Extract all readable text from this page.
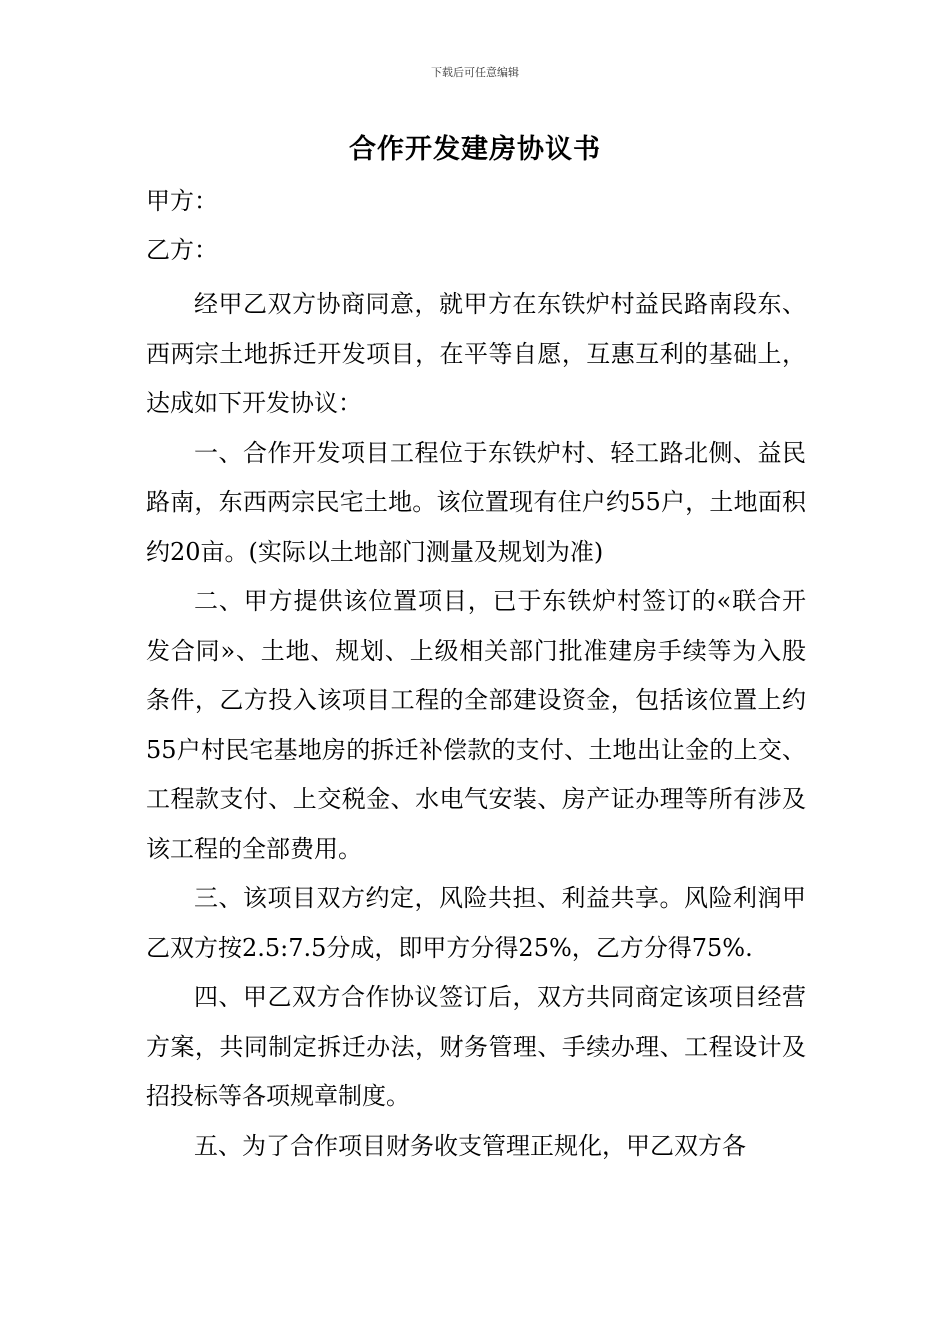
下载后可任意编辑
合作开发建房协议书
甲方：
乙方：

经甲乙双方协商同意，就甲方在东铁炉村益民路南段东、西两宗土地拆迁开发项目，在平等自愿，互惠互利的基础上，达成如下开发协议：

一、合作开发项目工程位于东铁炉村、轻工路北侧、益民路南，东西两宗民宅土地。该位置现有住户约55户，土地面积约20亩。(实际以土地部门测量及规划为准)

二、甲方提供该位置项目，已于东铁炉村签订的«联合开发合同»、土地、规划、上级相关部门批准建房手续等为入股条件，乙方投入该项目工程的全部建设资金，包括该位置上约55户村民宅基地房的拆迁补偿款的支付、土地出让金的上交、工程款支付、上交税金、水电气安装、房产证办理等所有涉及该工程的全部费用。

三、该项目双方约定，风险共担、利益共享。风险利润甲乙双方按2.5:7.5分成，即甲方分得25%，乙方分得75%.

四、甲乙双方合作协议签订后，双方共同商定该项目经营方案，共同制定拆迁办法，财务管理、手续办理、工程设计及招投标等各项规章制度。

五、为了合作项目财务收支管理正规化，甲乙双方各
